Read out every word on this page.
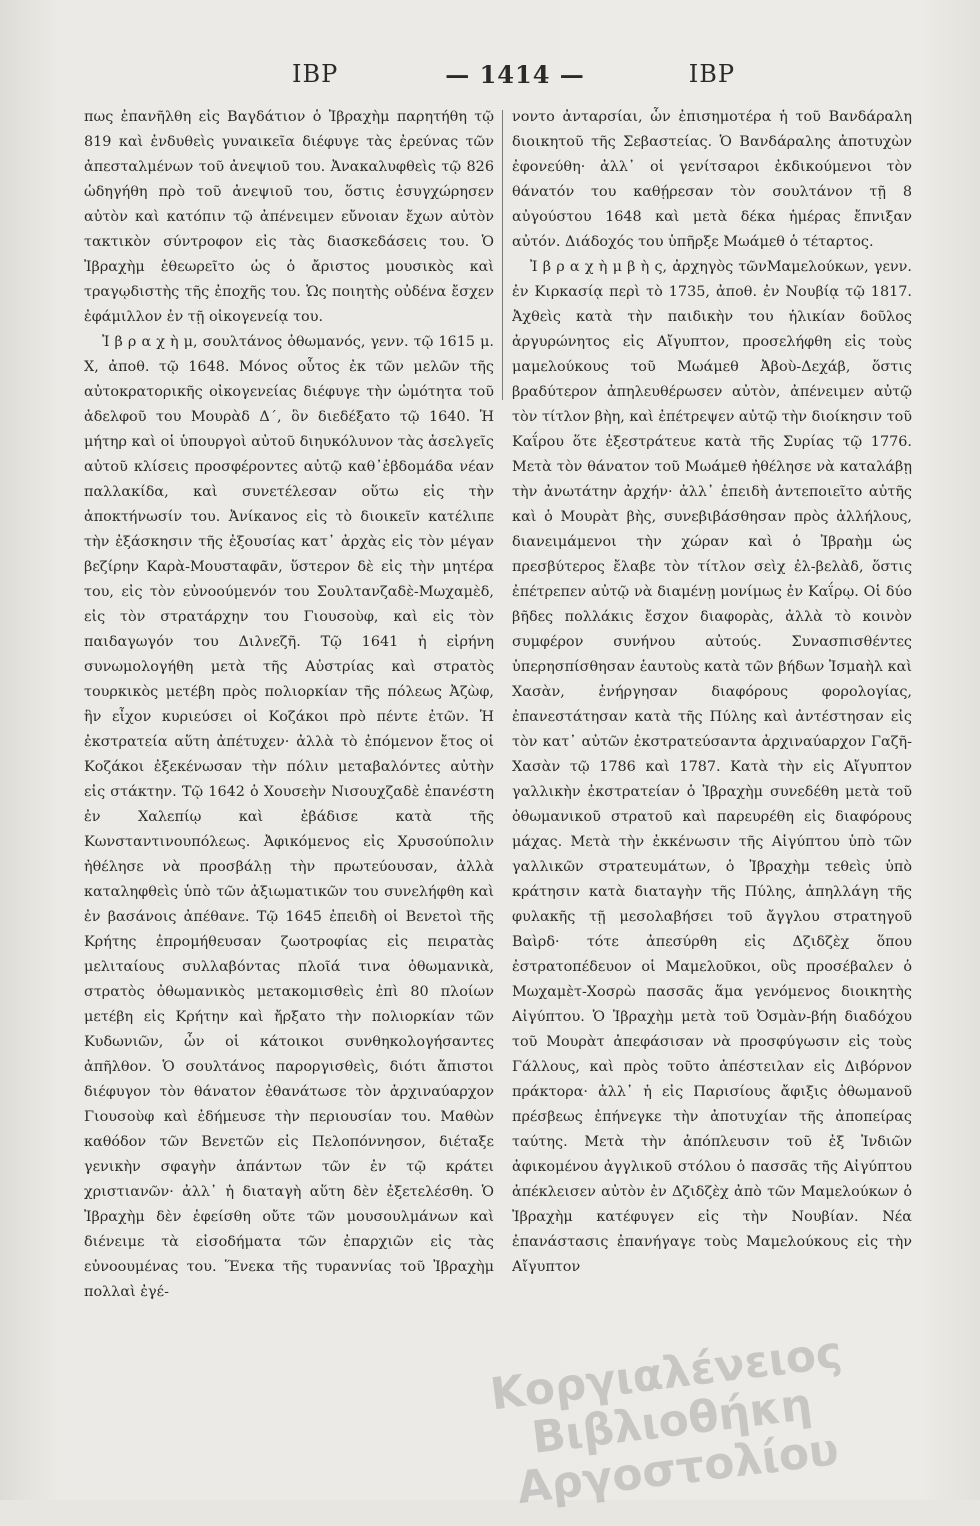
ΙΒΡ	— 1414 —	ΙΒΡ

πως ἐπανῆλθη εἰς Βαγδάτιον ὁ Ἰβραχὴμ παρητήθη τῷ 819 καὶ ἐνδυθεὶς γυναικεῖα διέφυγε τὰς ἐρεύνας τῶν ἀπεσταλμένων τοῦ ἀνεψιοῦ του. Ἀνακαλυφθεὶς τῷ 826 ὡδηγήθη πρὸ τοῦ ἀνεψιοῦ του, ὅστις ἐσυγχώρησεν αὐτὸν καὶ κατόπιν τῷ ἀπένειμεν εὔνοιαν ἔχων αὐτὸν τακτικὸν σύντροφον εἰς τὰς διασκεδάσεις του. Ὁ Ἰβραχὴμ ἐθεωρεῖτο ὡς ὁ ἄριστος μουσικὸς καὶ τραγῳδιστὴς τῆς ἐποχῆς του. Ὡς ποιητὴς οὐδένα ἔσχεν ἐφάμιλλον ἐν τῇ οἰκογενείᾳ του.

Ἰ β ρ α χ ὴ μ, σουλτάνος ὀθωμανός, γενν. τῷ 1615 μ. Χ, ἀποθ. τῷ 1648. Μόνος οὗτος ἐκ τῶν μελῶν τῆς αὐτοκρατορικῆς οἰκογενείας διέφυγε τὴν ὠμότητα τοῦ ἀδελφοῦ του Μουρὰδ Δ΄, ὃν διεδέξατο τῷ 1640. Ἡ μήτηρ καὶ οἱ ὑπουργοὶ αὐτοῦ διηυκόλυνον τὰς ἀσελγεῖς αὐτοῦ κλίσεις προσφέροντες αὐτῷ καθ᾽ἑβδομάδα νέαν παλλακίδα, καὶ συνετέλεσαν οὕτω εἰς τὴν ἀποκτήνωσίν του. Ἀνίκανος εἰς τὸ διοικεῖν κατέλιπε τὴν ἐξάσκησιν τῆς ἐξουσίας κατ᾽ ἀρχὰς εἰς τὸν μέγαν βεζίρην Καρὰ-Μουσταφᾶν, ὕστερον δὲ εἰς τὴν μητέρα του, εἰς τὸν εὐνοούμενόν του Σουλτανζαδὲ-Μωχαμὲδ, εἰς τὸν στρατάρχην του Γιουσοὺφ, καὶ εἰς τὸν παιδαγωγόν του Διλνεζῆ. Τῷ 1641 ἡ εἰρήνη συνωμολογήθη μετὰ τῆς Αὐστρίας καὶ στρατὸς τουρκικὸς μετέβη πρὸς πολιορκίαν τῆς πόλεως Ἀζὼφ, ἣν εἶχον κυριεύσει οἱ Κοζάκοι πρὸ πέντε ἐτῶν. Ἡ ἐκστρατεία αὕτη ἀπέτυχεν· ἀλλὰ τὸ ἐπόμενον ἔτος οἱ Κοζάκοι ἐξεκένωσαν τὴν πόλιν μεταβαλόντες αὐτὴν εἰς στάκτην. Τῷ 1642 ὁ Χουσεὴν Νισουχζαδὲ ἐπανέστη ἐν Χαλεπίῳ καὶ ἐβάδισε κατὰ τῆς Κωνσταντινουπόλεως. Ἀφικόμενος εἰς Χρυσούπολιν ἠθέλησε νὰ προσβάλῃ τὴν πρωτεύουσαν, ἀλλὰ καταληφθεὶς ὑπὸ τῶν ἀξιωματικῶν του συνελήφθη καὶ ἐν βασάνοις ἀπέθανε. Τῷ 1645 ἐπειδὴ οἱ Βενετοὶ τῆς Κρήτης ἐπρομήθευσαν ζωοτροφίας εἰς πειρατὰς μελιταίους συλλαβόντας πλοῖά τινα ὀθωμανικὰ, στρατὸς ὀθωμανικὸς μετακομισθεὶς ἐπὶ 80 πλοίων μετέβη εἰς Κρήτην καὶ ἤρξατο τὴν πολιορκίαν τῶν Κυδωνιῶν, ὧν οἱ κάτοικοι συνθηκολογήσαντες ἀπῆλθον. Ὁ σουλτάνος παροργισθεὶς, διότι ἄπιστοι διέφυγον τὸν θάνατον ἐθανάτωσε τὸν ἀρχιναύαρχον Γιουσοὺφ καὶ ἐδήμευσε τὴν περιουσίαν του. Μαθὼν καθόδον τῶν Βενετῶν εἰς Πελοπόννησον, διέταξε γενικὴν σφαγὴν ἁπάντων τῶν ἐν τῷ κράτει χριστιανῶν· ἀλλ᾽ ἡ διαταγὴ αὕτη δὲν ἐξετελέσθη. Ὁ Ἰβραχὴμ δὲν ἐφείσθη οὔτε τῶν μουσουλμάνων καὶ διένειμε τὰ εἰσοδήματα τῶν ἐπαρχιῶν εἰς τὰς εὐνοουμένας του. Ἕνεκα τῆς τυραννίας τοῦ Ἰβραχὴμ πολλαὶ ἐγέ-

νοντο ἀνταρσίαι, ὧν ἐπισημοτέρα ἡ τοῦ Βανδάραλη διοικητοῦ τῆς Σεβαστείας. Ὁ Βανδάραλης ἀποτυχὼν ἐφονεύθη· ἀλλ᾽ οἱ γενίτσαροι ἐκδικούμενοι τὸν θάνατόν του καθῄρεσαν τὸν σουλτάνον τῇ 8 αὐγούστου 1648 καὶ μετὰ δέκα ἡμέρας ἔπνιξαν αὐτόν. Διάδοχός του ὑπῆρξε Μωάμεθ ὁ τέταρτος.

Ἰ β ρ α χ ὴ μ β ὴ ς, ἀρχηγὸς τῶνΜαμελούκων, γενν. ἐν Κιρκασίᾳ περὶ τὸ 1735, ἀποθ. ἐν Νουβίᾳ τῷ 1817. Ἀχθεὶς κατὰ τὴν παιδικὴν του ἡλικίαν δοῦλος ἀργυρώνητος εἰς Αἴγυπτον, προσελήφθη εἰς τοὺς μαμελούκους τοῦ Μωάμεθ Ἀβοὺ-Δεχάβ, ὅστις βραδύτερον ἀπηλευθέρωσεν αὐτὸν, ἀπένειμεν αὐτῷ τὸν τίτλον βὴη, καὶ ἐπέτρεψεν αὐτῷ τὴν διοίκησιν τοῦ Καΐρου ὅτε ἐξεστράτευε κατὰ τῆς Συρίας τῷ 1776. Μετὰ τὸν θάνατον τοῦ Μωάμεθ ἠθέλησε νὰ καταλάβῃ τὴν ἀνωτάτην ἀρχήν· ἀλλ᾽ ἐπειδὴ ἀντεποιεῖτο αὐτῆς καὶ ὁ Μουρὰτ βὴς, συνεβιβάσθησαν πρὸς ἀλλήλους, διανειμάμενοι τὴν χώραν καὶ ὁ Ἰβραὴμ ὡς πρεσβύτερος ἔλαβε τὸν τίτλον σεὶχ ἐλ-βελὰδ, ὅστις ἐπέτρεπεν αὐτῷ νὰ διαμένῃ μονίμως ἐν Καΐρῳ. Οἱ δύο βῆδες πολλάκις ἔσχον διαφορὰς, ἀλλὰ τὸ κοινὸν συμφέρον συνήνου αὐτούς. Συνασπισθέντες ὑπερησπίσθησαν ἑαυτοὺς κατὰ τῶν βήδων Ἰσμαὴλ καὶ Χασὰν, ἐνήργησαν διαφόρους φορολογίας, ἐπανεστάτησαν κατὰ τῆς Πύλης καὶ ἀντέστησαν εἰς τὸν κατ᾽ αὐτῶν ἐκστρατεύσαντα ἀρχιναύαρχον Γαζῆ-Χασὰν τῷ 1786 καὶ 1787. Κατὰ τὴν εἰς Αἴγυπτον γαλλικὴν ἐκστρατείαν ὁ Ἰβραχὴμ συνεδέθη μετὰ τοῦ ὀθωμανικοῦ στρατοῦ καὶ παρευρέθη εἰς διαφόρους μάχας. Μετὰ τὴν ἐκκένωσιν τῆς Αἰγύπτου ὑπὸ τῶν γαλλικῶν στρατευμάτων, ὁ Ἰβραχὴμ τεθεὶς ὑπὸ κράτησιν κατὰ διαταγὴν τῆς Πύλης, ἀπηλλάγη τῆς φυλακῆς τῇ μεσολαβήσει τοῦ ἄγγλου στρατηγοῦ Βαὶρδ· τότε ἀπεσύρθη εἰς Δζιδζὲχ ὅπου ἐστρατοπέδευον οἱ Μαμελοῦκοι, οὓς προσέβαλεν ὁ Μωχαμὲτ-Χοσρὼ πασσᾶς ἅμα γενόμενος διοικητὴς Αἰγύπτου. Ὁ Ἰβραχὴμ μετὰ τοῦ Ὀσμὰν-βήη διαδόχου τοῦ Μουρὰτ ἀπεφάσισαν νὰ προσφύγωσιν εἰς τοὺς Γάλλους, καὶ πρὸς τοῦτο ἀπέστειλαν εἰς Διβόρνον πράκτορα· ἀλλ᾽ ἡ εἰς Παρισίους ἄφιξις ὀθωμανοῦ πρέσβεως ἐπήνεγκε τὴν ἀποτυχίαν τῆς ἀποπείρας ταύτης. Μετὰ τὴν ἀπόπλευσιν τοῦ ἐξ Ἰνδιῶν ἀφικομένου ἀγγλικοῦ στόλου ὁ πασσᾶς τῆς Αἰγύπτου ἀπέκλεισεν αὐτὸν ἐν Δζιδζὲχ ἀπὸ τῶν Μαμελούκων ὁ Ἰβραχὴμ κατέφυγεν εἰς τὴν Νουβίαν. Νέα ἐπανάστασις ἐπανήγαγε τοὺς Μαμελούκους εἰς τὴν Αἴγυπτον

Κοργιαλένειος Βιβλιοθήκη Αργοστολίου
